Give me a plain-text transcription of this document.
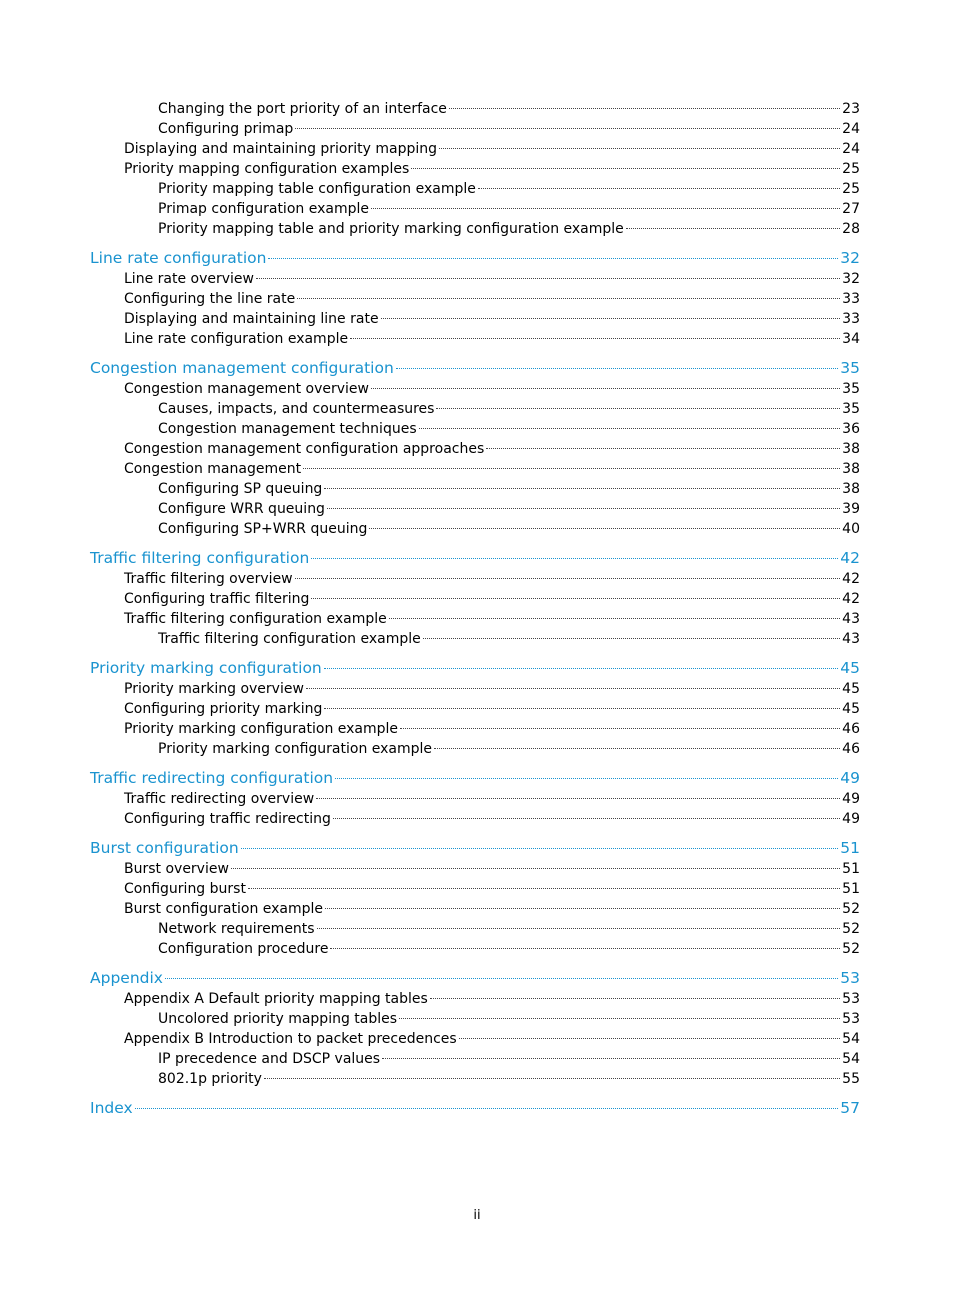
Changing the port priority of an interface	23
Configuring primap	24
Displaying and maintaining priority mapping	24
Priority mapping configuration examples	25
Priority mapping table configuration example	25
Primap configuration example	27
Priority mapping table and priority marking configuration example	28
Line rate configuration	32
Line rate overview	32
Configuring the line rate	33
Displaying and maintaining line rate	33
Line rate configuration example	34
Congestion management configuration	35
Congestion management overview	35
Causes, impacts, and countermeasures	35
Congestion management techniques	36
Congestion management configuration approaches	38
Congestion management	38
Configuring SP queuing	38
Configure WRR queuing	39
Configuring SP+WRR queuing	40
Traffic filtering configuration	42
Traffic filtering overview	42
Configuring traffic filtering	42
Traffic filtering configuration example	43
Traffic filtering configuration example	43
Priority marking configuration	45
Priority marking overview	45
Configuring priority marking	45
Priority marking configuration example	46
Priority marking configuration example	46
Traffic redirecting configuration	49
Traffic redirecting overview	49
Configuring traffic redirecting	49
Burst configuration	51
Burst overview	51
Configuring burst	51
Burst configuration example	52
Network requirements	52
Configuration procedure	52
Appendix	53
Appendix A Default priority mapping tables	53
Uncolored priority mapping tables	53
Appendix B Introduction to packet precedences	54
IP precedence and DSCP values	54
802.1p priority	55
Index	57
ii
